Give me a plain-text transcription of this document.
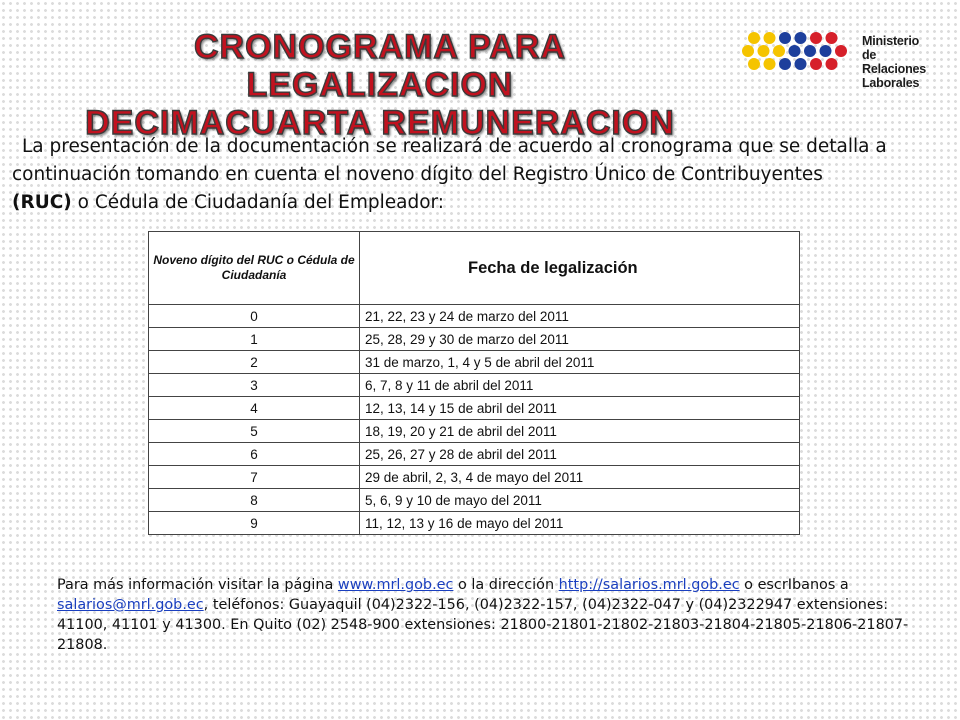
CRONOGRAMA PARA LEGALIZACION
DECIMACUARTA REMUNERACION
Ministerio
de Relaciones
Laborales

La presentación de la documentación se realizará de acuerdo al cronograma que se detalla a
continuación tomando en cuenta el noveno dígito del Registro Único de Contribuyentes
(RUC) o Cédula de Ciudadanía del Empleador:

Noveno dígito del RUC o Cédula de Ciudadanía	Fecha de legalización
0	21, 22, 23 y 24 de marzo del 2011
1	25, 28, 29 y 30 de marzo del 2011
2	31 de marzo, 1, 4 y 5 de abril del 2011
3	6, 7, 8 y 11 de abril del 2011
4	12, 13, 14 y 15 de abril del 2011
5	18, 19, 20 y 21 de abril del 2011
6	25, 26, 27 y 28 de abril del 2011
7	29 de abril, 2, 3, 4 de mayo del 2011
8	5, 6, 9 y 10 de mayo del 2011
9	11, 12, 13 y 16 de mayo del 2011

Para más información visitar la página www.mrl.gob.ec o la dirección http://salarios.mrl.gob.ec o escrIbanos a salarios@mrl.gob.ec, teléfonos: Guayaquil (04)2322-156, (04)2322-157, (04)2322-047 y (04)2322947 extensiones: 41100, 41101 y 41300. En Quito (02) 2548-900 extensiones: 21800-21801-21802-21803-21804-21805-21806-21807-21808.
